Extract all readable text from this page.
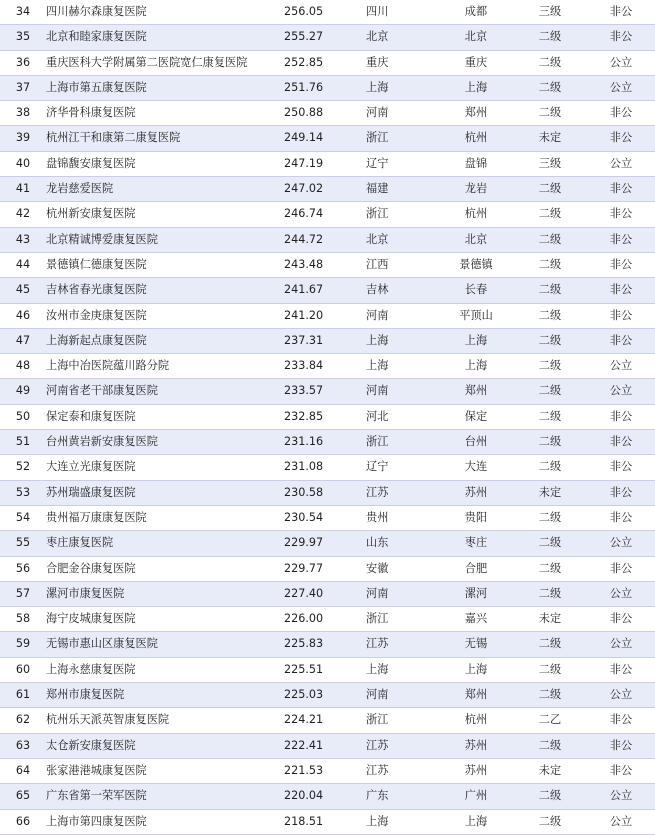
34	四川赫尔森康复医院	256.05	四川	成都	三级	非公
35	北京和睦家康复医院	255.27	北京	北京	二级	非公
36	重庆医科大学附属第二医院宽仁康复医院	252.85	重庆	重庆	二级	公立
37	上海市第五康复医院	251.76	上海	上海	二级	公立
38	济华骨科康复医院	250.88	河南	郑州	二级	非公
39	杭州江干和康第二康复医院	249.14	浙江	杭州	未定	非公
40	盘锦馥安康复医院	247.19	辽宁	盘锦	三级	公立
41	龙岩慈爱医院	247.02	福建	龙岩	二级	非公
42	杭州新安康复医院	246.74	浙江	杭州	二级	非公
43	北京精诚博爱康复医院	244.72	北京	北京	二级	非公
44	景德镇仁德康复医院	243.48	江西	景德镇	二级	非公
45	吉林省春光康复医院	241.67	吉林	长春	二级	非公
46	汝州市金庚康复医院	241.20	河南	平顶山	二级	非公
47	上海新起点康复医院	237.31	上海	上海	二级	非公
48	上海中冶医院蕴川路分院	233.84	上海	上海	二级	公立
49	河南省老干部康复医院	233.57	河南	郑州	二级	公立
50	保定泰和康复医院	232.85	河北	保定	二级	非公
51	台州黄岩新安康复医院	231.16	浙江	台州	二级	非公
52	大连立光康复医院	231.08	辽宁	大连	二级	非公
53	苏州瑞盛康复医院	230.58	江苏	苏州	未定	非公
54	贵州福万康康复医院	230.54	贵州	贵阳	二级	非公
55	枣庄康复医院	229.97	山东	枣庄	二级	公立
56	合肥金谷康复医院	229.77	安徽	合肥	二级	非公
57	漯河市康复医院	227.40	河南	漯河	二级	公立
58	海宁皮城康复医院	226.00	浙江	嘉兴	未定	非公
59	无锡市惠山区康复医院	225.83	江苏	无锡	二级	公立
60	上海永慈康复医院	225.51	上海	上海	二级	非公
61	郑州市康复医院	225.03	河南	郑州	二级	公立
62	杭州乐天派英智康复医院	224.21	浙江	杭州	二乙	非公
63	太仓新安康复医院	222.41	江苏	苏州	二级	非公
64	张家港港城康复医院	221.53	江苏	苏州	未定	非公
65	广东省第一荣军医院	220.04	广东	广州	二级	公立
66	上海市第四康复医院	218.51	上海	上海	二级	公立
